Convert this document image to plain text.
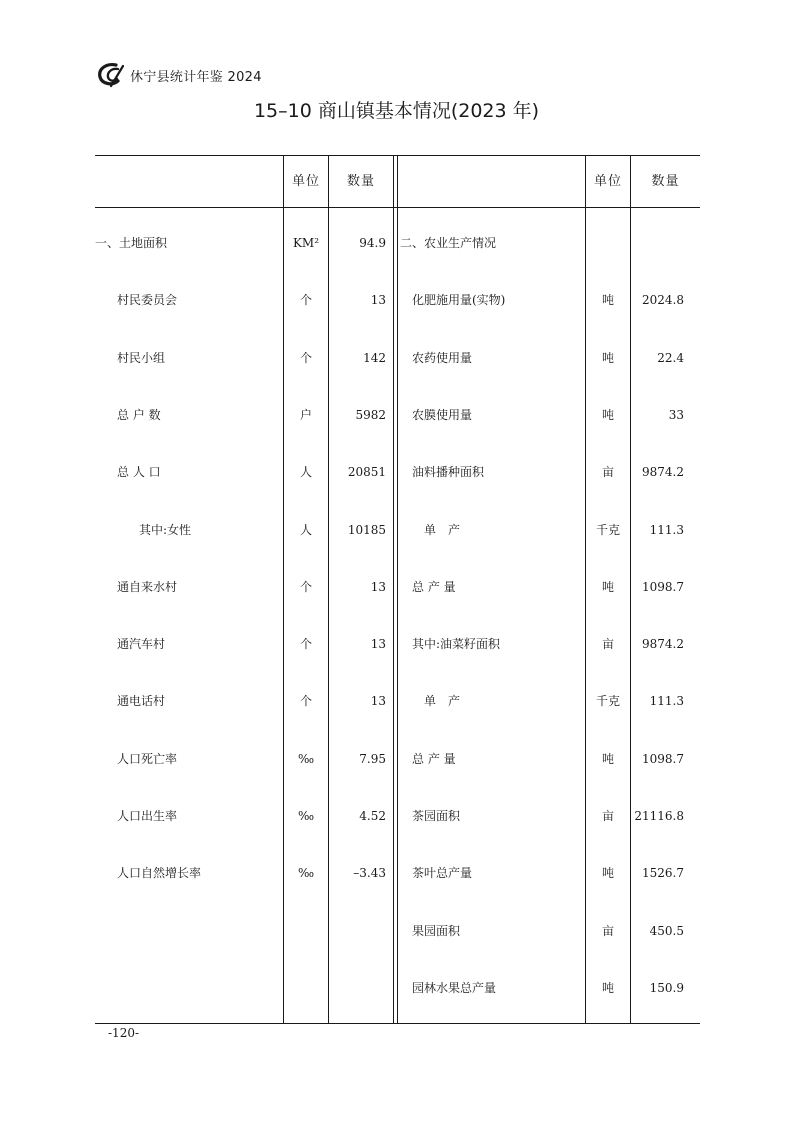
休宁县统计年鉴 2024
15–10 商山镇基本情况(2023 年)
单位	数量	单位	数量
一、土地面积	KM²	94.9
村民委员会	个	13
村民小组	个	142
总 户 数	户	5982
总 人 口	人	20851
其中:女性	人	10185
通自来水村	个	13
通汽车村	个	13
通电话村	个	13
人口死亡率	‰	7.95
人口出生率	‰	4.52
人口自然增长率	‰	–3.43
二、农业生产情况
化肥施用量(实物)	吨	2024.8
农药使用量	吨	22.4
农膜使用量	吨	33
油料播种面积	亩	9874.2
单　产	千克	111.3
总 产 量	吨	1098.7
其中:油菜籽面积	亩	9874.2
单　产	千克	111.3
总 产 量	吨	1098.7
茶园面积	亩	21116.8
茶叶总产量	吨	1526.7
果园面积	亩	450.5
园林水果总产量	吨	150.9
-120-
